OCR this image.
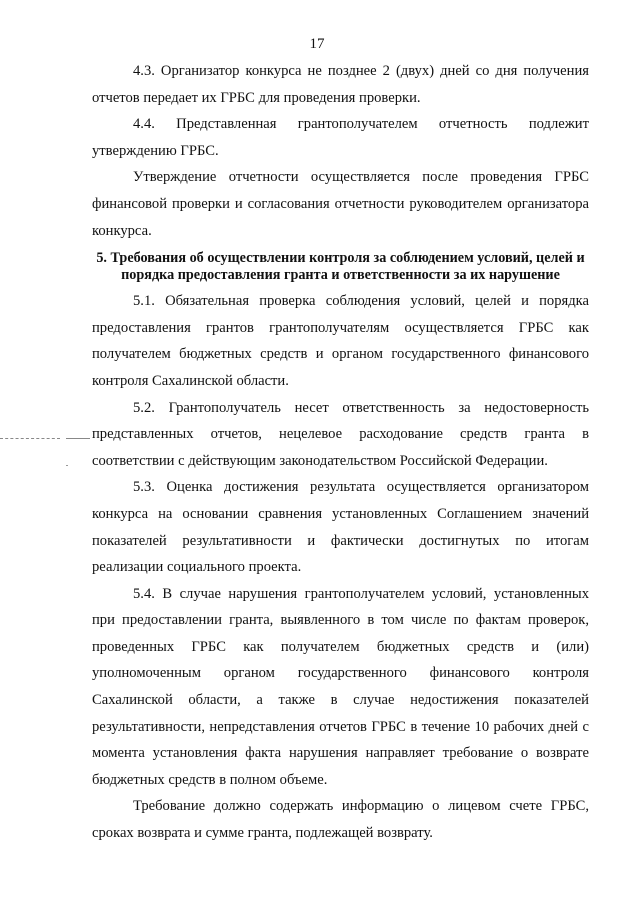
17

4.3. Организатор конкурса не позднее 2 (двух) дней со дня получения отчетов передает их ГРБС для проведения проверки.

4.4. Представленная грантополучателем отчетность подлежит утверждению ГРБС.

Утверждение отчетности осуществляется после проведения ГРБС финансовой проверки и согласования отчетности руководителем организатора конкурса.

5. Требования об осуществлении контроля за соблюдением условий, целей и порядка предоставления гранта и ответственности за их нарушение

5.1. Обязательная проверка соблюдения условий, целей и порядка предоставления грантов грантополучателям осуществляется ГРБС как получателем бюджетных средств и органом государственного финансового контроля Сахалинской области.

5.2. Грантополучатель несет ответственность за недостоверность представленных отчетов, нецелевое расходование средств гранта в соответствии с действующим законодательством Российской Федерации.

5.3. Оценка достижения результата осуществляется организатором конкурса на основании сравнения установленных Соглашением значений показателей результативности и фактически достигнутых по итогам реализации социального проекта.

5.4. В случае нарушения грантополучателем условий, установленных при предоставлении гранта, выявленного в том числе по фактам проверок, проведенных ГРБС как получателем бюджетных средств и (или) уполномоченным органом государственного финансового контроля Сахалинской области, а также в случае недостижения показателей результативности, непредставления отчетов ГРБС в течение 10 рабочих дней с момента установления факта нарушения направляет требование о возврате бюджетных средств в полном объеме.

Требование должно содержать информацию о лицевом счете ГРБС, сроках возврата и сумме гранта, подлежащей возврату.
